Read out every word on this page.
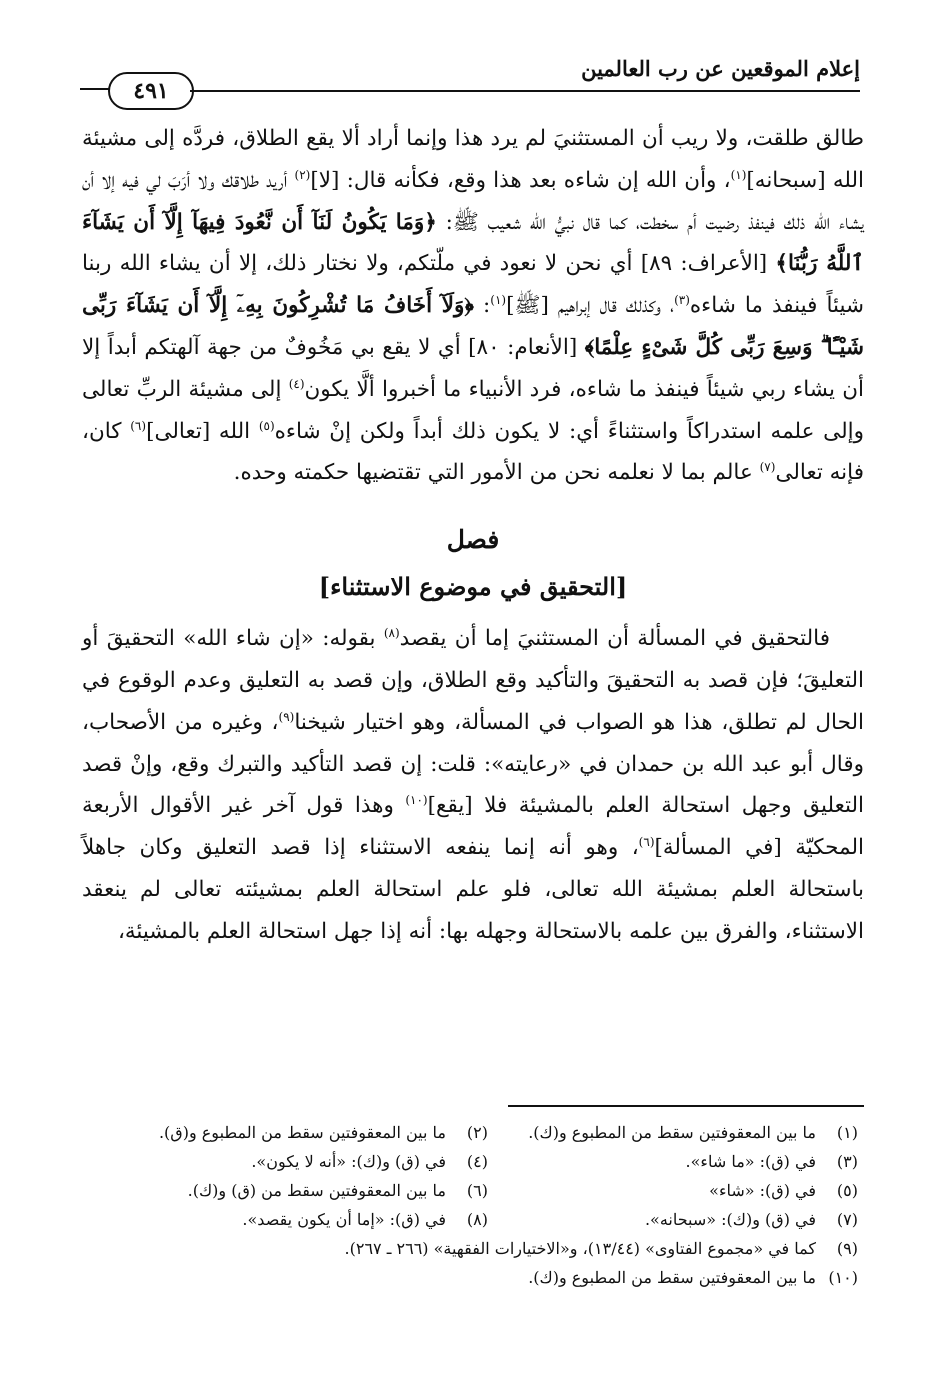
إعلام الموقعين عن رب العالمين
٤٩١

طالق طلقت، ولا ريب أن المستثنيَ لم يرد هذا وإنما أراد ألا يقع الطلاق، فردَّه إلى مشيئة الله [سبحانه]$^{(١)}$، وأن الله إن شاءه بعد هذا وقع، فكأنه قال: [لا]$^{(٢)}$ أريد طلاقك ولا أرَبَ لي فيه إلا أن يشاء الله ذلك فينفذ رضيت أم سخطت، كما قال نبيُّ الله شعيب ﷺ: ﴿وَمَا يَكُونُ لَنَآ أَن نَّعُودَ فِيهَآ إِلَّآ أَن يَشَآءَ ٱللَّهُ رَبُّنَا﴾ [الأعراف: ٨٩] أي نحن لا نعود في ملّتكم، ولا نختار ذلك، إلا أن يشاء الله ربنا شيئاً فينفذ ما شاءه$^{(٣)}$، وكذلك قال إبراهيم [ﷺ]$^{(١)}$: ﴿وَلَآ أَخَافُ مَا تُشْرِكُونَ بِهِۦٓ إِلَّآ أَن يَشَآءَ رَبِّى شَيْـًٔا ۗ وَسِعَ رَبِّى كُلَّ شَىْءٍ عِلْمًا﴾ [الأنعام: ٨٠] أي لا يقع بي مَخُوفٌ من جهة آلهتكم أبداً إلا أن يشاء ربي شيئاً فينفذ ما شاءه، فرد الأنبياء ما أخبروا ألَّا يكون$^{(٤)}$ إلى مشيئة الربِّ تعالى وإلى علمه استدراكاً واستثناءً أي: لا يكون ذلك أبداً ولكن إنْ شاءه$^{(٥)}$ الله [تعالى]$^{(٦)}$ كان، فإنه تعالى$^{(٧)}$ عالم بما لا نعلمه نحن من الأمور التي تقتضيها حكمته وحده.

فصل
[التحقيق في موضوع الاستثناء]

فالتحقيق في المسألة أن المستثنيَ إما أن يقصد$^{(٨)}$ بقوله: «إن شاء الله» التحقيقَ أو التعليقَ؛ فإن قصد به التحقيقَ والتأكيد وقع الطلاق، وإن قصد به التعليق وعدم الوقوع في الحال لم تطلق، هذا هو الصواب في المسألة، وهو اختيار شيخنا$^{(٩)}$، وغيره من الأصحاب، وقال أبو عبد الله بن حمدان في «رعايته»: قلت: إن قصد التأكيد والتبرك وقع، وإنْ قصد التعليق وجهل استحالة العلم بالمشيئة فلا [يقع]$^{(١٠)}$ وهذا قول آخر غير الأقوال الأربعة المحكيّة [في المسألة]$^{(٦)}$، وهو أنه إنما ينفعه الاستثناء إذا قصد التعليق وكان جاهلاً باستحالة العلم بمشيئة الله تعالى، فلو علم استحالة العلم بمشيئته تعالى لم ينعقد الاستثناء، والفرق بين علمه بالاستحالة وجهله بها: أنه إذا جهل استحالة العلم بالمشيئة،

(١)
ما بين المعقوفتين سقط من المطبوع و(ك).
(٢)
ما بين المعقوفتين سقط من المطبوع و(ق).
(٣)
في (ق): «ما شاء».
(٤)
في (ق) و(ك): «أنه لا يكون».
(٥)
في (ق): «شاء»
(٦)
ما بين المعقوفتين سقط من (ق) و(ك).
(٧)
في (ق) و(ك): «سبحانه».
(٨)
في (ق): «إما أن يكون يقصد».
(٩)
كما في «مجموع الفتاوى» (١٣/٤٤)، و«الاختيارات الفقهية» (٢٦٦ ـ ٢٦٧).
(١٠)
ما بين المعقوفتين سقط من المطبوع و(ك).
